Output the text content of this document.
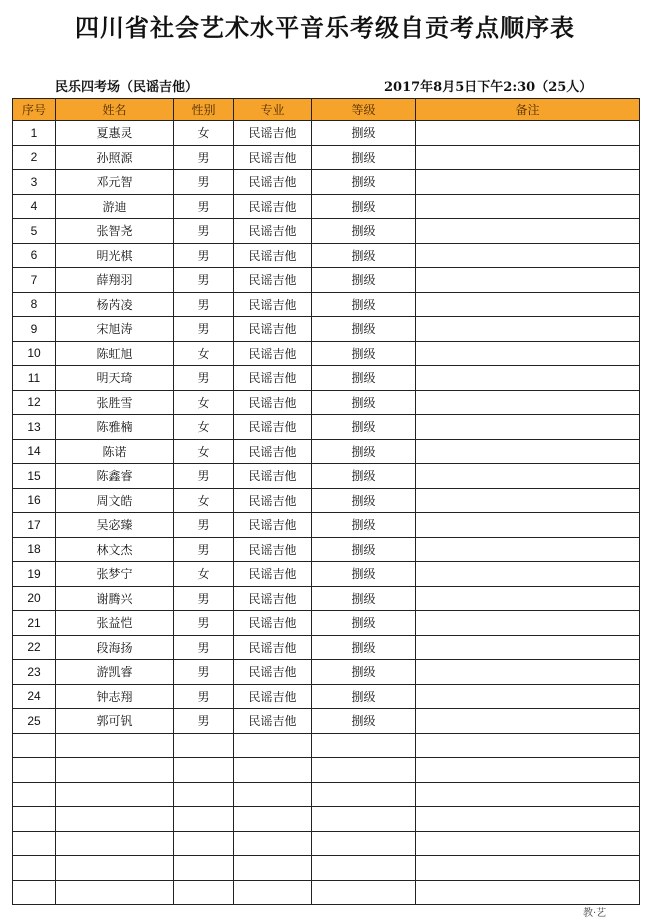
四川省社会艺术水平音乐考级自贡考点顺序表
民乐四考场（民谣吉他）	2017年8月5日下午2:30（25人）
序号	姓名	性别	专业	等级	备注
1	夏惠灵	女	民谣吉他	捌级	
2	孙照源	男	民谣吉他	捌级	
3	邓元智	男	民谣吉他	捌级	
4	游迪	男	民谣吉他	捌级	
5	张智尧	男	民谣吉他	捌级	
6	明光棋	男	民谣吉他	捌级	
7	薛翔羽	男	民谣吉他	捌级	
8	杨芮凌	男	民谣吉他	捌级	
9	宋旭涛	男	民谣吉他	捌级	
10	陈虹旭	女	民谣吉他	捌级	
11	明天琦	男	民谣吉他	捌级	
12	张胜雪	女	民谣吉他	捌级	
13	陈雅楠	女	民谣吉他	捌级	
14	陈诺	女	民谣吉他	捌级	
15	陈鑫睿	男	民谣吉他	捌级	
16	周文皓	女	民谣吉他	捌级	
17	吴宓臻	男	民谣吉他	捌级	
18	林文杰	男	民谣吉他	捌级	
19	张梦宁	女	民谣吉他	捌级	
20	谢腾兴	男	民谣吉他	捌级	
21	张益恺	男	民谣吉他	捌级	
22	段海扬	男	民谣吉他	捌级	
23	游凯睿	男	民谣吉他	捌级	
24	钟志翔	男	民谣吉他	捌级	
25	郭可钒	男	民谣吉他	捌级	

教·艺
